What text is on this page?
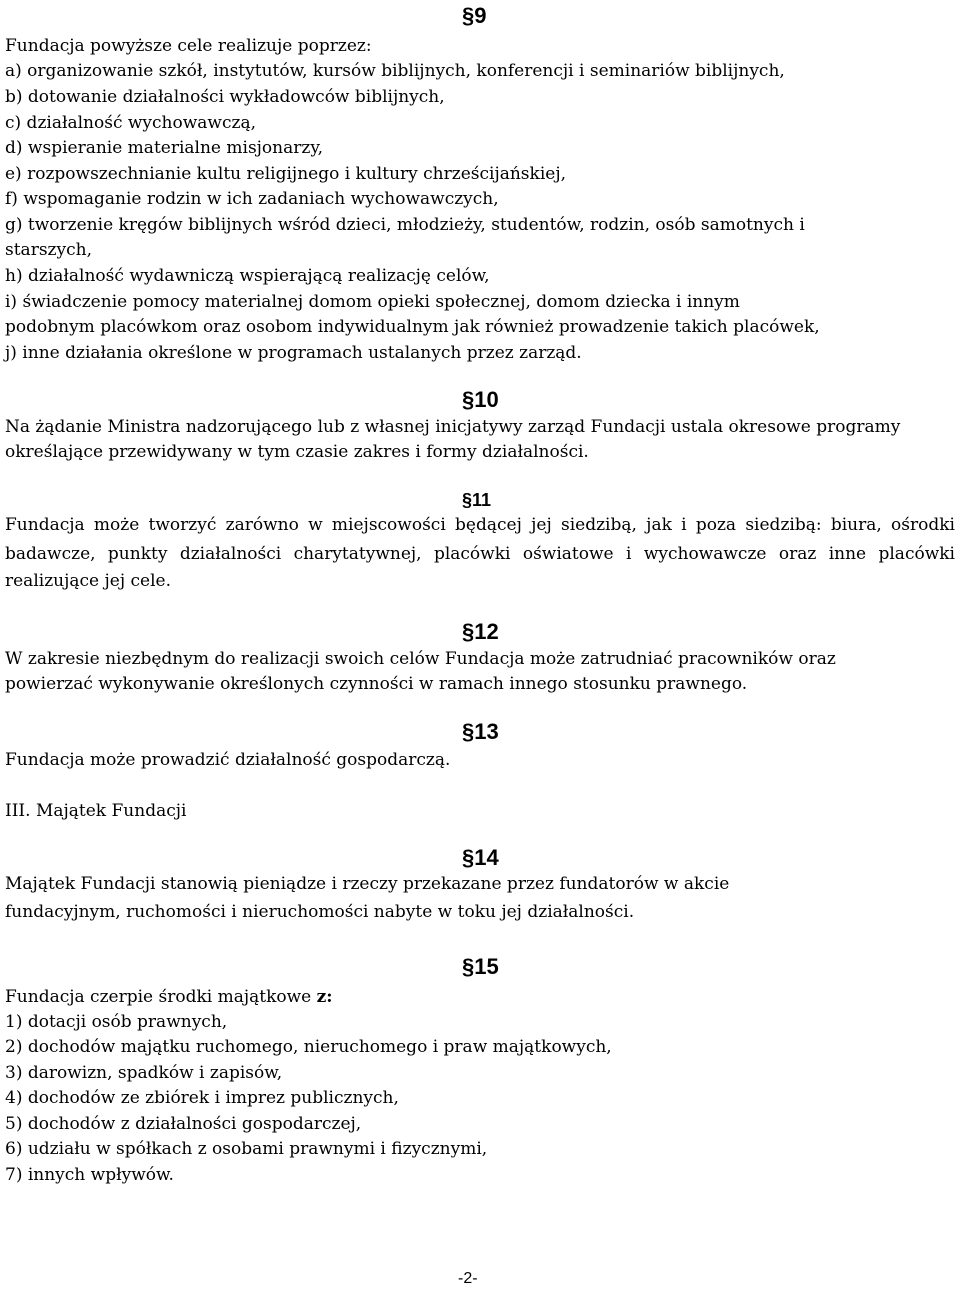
§9
Fundacja powyższe cele realizuje poprzez:
a) organizowanie szkół, instytutów, kursów biblijnych, konferencji i seminariów biblijnych,
b) dotowanie działalności wykładowców biblijnych,
c) działalność wychowawczą,
d) wspieranie materialne misjonarzy,
e) rozpowszechnianie kultu religijnego i kultury chrześcijańskiej,
f) wspomaganie rodzin w ich zadaniach wychowawczych,
g) tworzenie kręgów biblijnych wśród dzieci, młodzieży, studentów, rodzin, osób samotnych i
starszych,
h) działalność wydawniczą wspierającą realizację celów,
i) świadczenie pomocy materialnej domom opieki społecznej, domom dziecka i innym
podobnym placówkom oraz osobom indywidualnym jak również prowadzenie takich placówek,
j) inne działania określone w programach ustalanych przez zarząd.
§10
Na żądanie Ministra nadzorującego lub z własnej inicjatywy zarząd Fundacji ustala okresowe programy
określające przewidywany w tym czasie zakres i formy działalności.
§11
Fundacja może tworzyć zarówno w miejscowości będącej jej siedzibą, jak i poza siedzibą: biura, ośrodki
badawcze, punkty działalności charytatywnej, placówki oświatowe i wychowawcze oraz inne placówki
realizujące jej cele.
§12
W zakresie niezbędnym do realizacji swoich celów Fundacja może zatrudniać pracowników oraz
powierzać wykonywanie określonych czynności w ramach innego stosunku prawnego.
§13
Fundacja może prowadzić działalność gospodarczą.
III. Majątek Fundacji
§14
Majątek Fundacji stanowią pieniądze i rzeczy przekazane przez fundatorów w akcie
fundacyjnym, ruchomości i nieruchomości nabyte w toku jej działalności.
§15
Fundacja czerpie środki majątkowe z:
1) dotacji osób prawnych,
2) dochodów majątku ruchomego, nieruchomego i praw majątkowych,
3) darowizn, spadków i zapisów,
4) dochodów ze zbiórek i imprez publicznych,
5) dochodów z działalności gospodarczej,
6) udziału w spółkach z osobami prawnymi i fizycznymi,
7) innych wpływów.
-2-
